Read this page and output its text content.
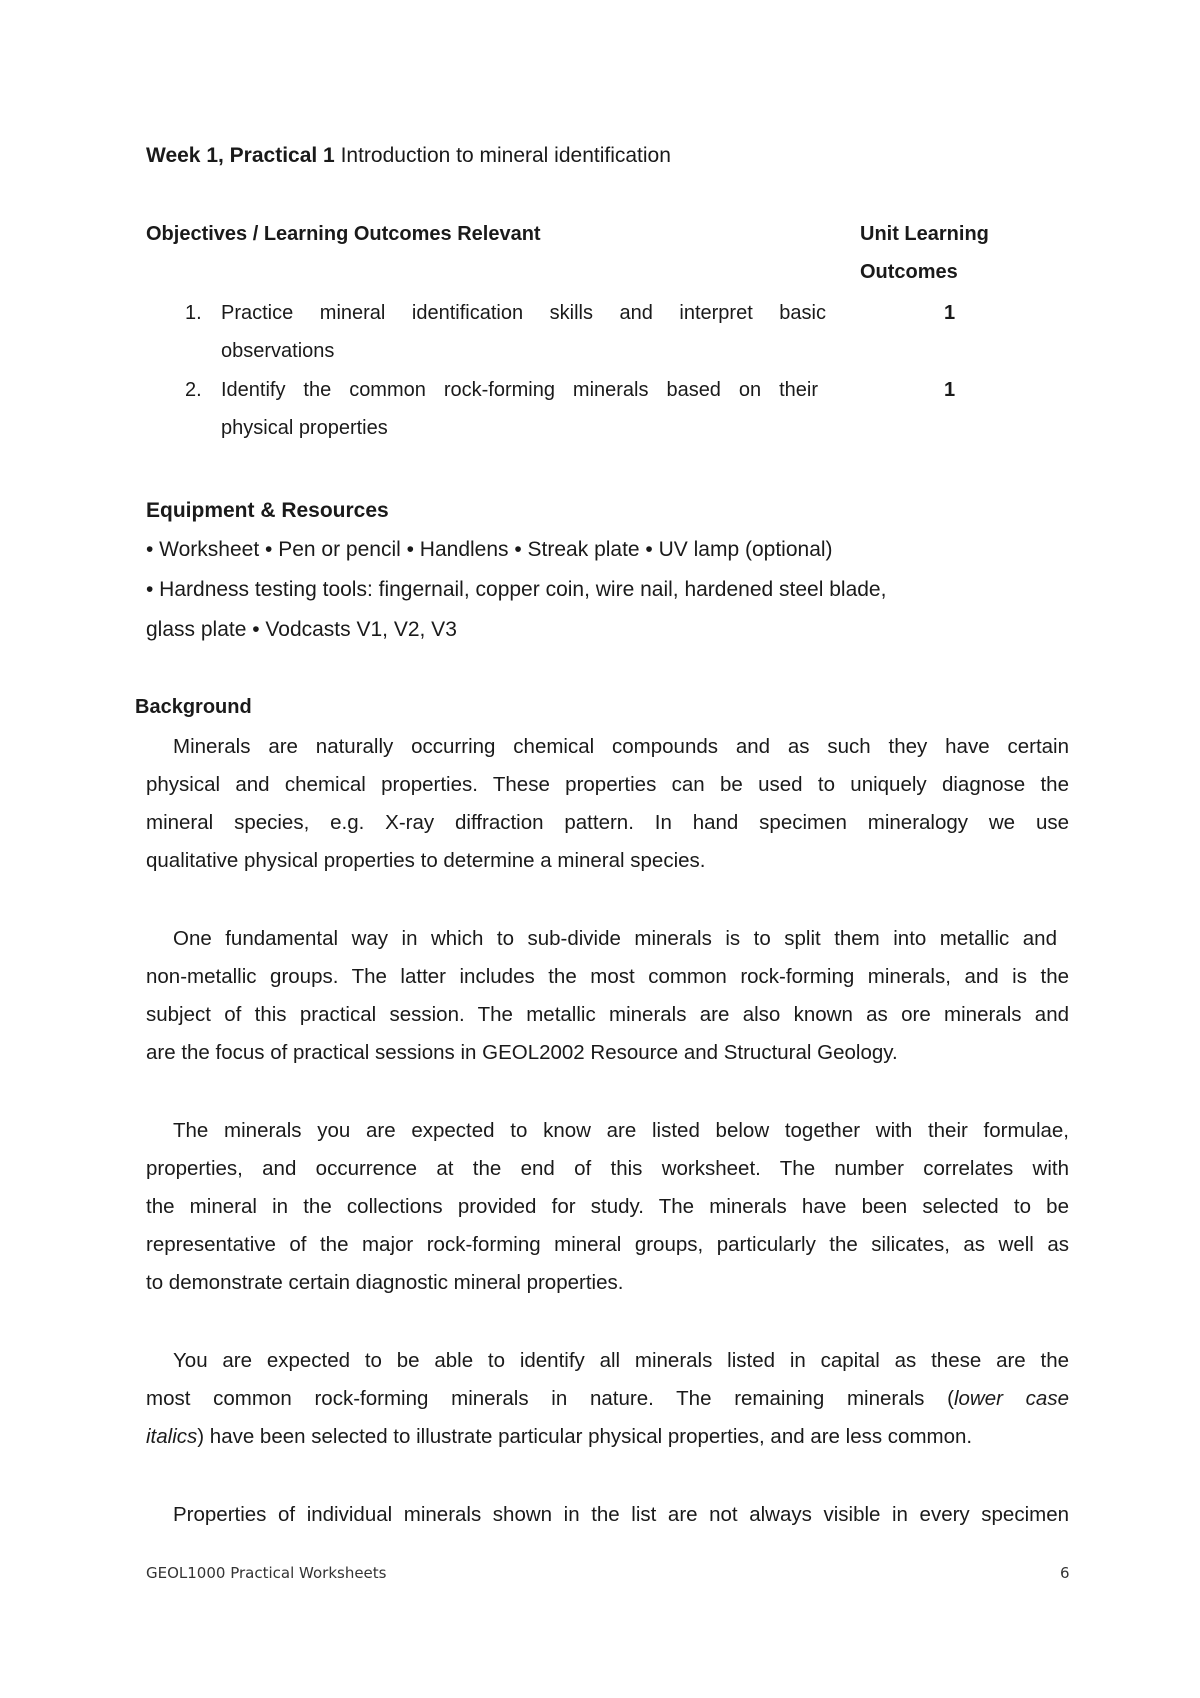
Week 1, Practical 1 Introduction to mineral identification
Objectives / Learning Outcomes Relevant	Unit Learning
Outcomes
1. Practice mineral identification skills and interpret basic
observations
1
2. Identify the common rock-forming minerals based on their
physical properties
1
Equipment & Resources
• Worksheet • Pen or pencil • Handlens • Streak plate • UV lamp (optional)
• Hardness testing tools: fingernail, copper coin, wire nail, hardened steel blade,
glass plate • Vodcasts V1, V2, V3
Background
Minerals are naturally occurring chemical compounds and as such they have certain
physical and chemical properties. These properties can be used to uniquely diagnose the
mineral species, e.g. X-ray diffraction pattern. In hand specimen mineralogy we use
qualitative physical properties to determine a mineral species.
One fundamental way in which to sub-divide minerals is to split them into metallic and
non-metallic groups. The latter includes the most common rock-forming minerals, and is the
subject of this practical session. The metallic minerals are also known as ore minerals and
are the focus of practical sessions in GEOL2002 Resource and Structural Geology.
The minerals you are expected to know are listed below together with their formulae,
properties, and occurrence at the end of this worksheet. The number correlates with
the mineral in the collections provided for study. The minerals have been selected to be
representative of the major rock-forming mineral groups, particularly the silicates, as well as
to demonstrate certain diagnostic mineral properties.
You are expected to be able to identify all minerals listed in capital as these are the
most common rock-forming minerals in nature. The remaining minerals (lower case
italics) have been selected to illustrate particular physical properties, and are less common.
Properties of individual minerals shown in the list are not always visible in every specimen
GEOL1000 Practical Worksheets	6
